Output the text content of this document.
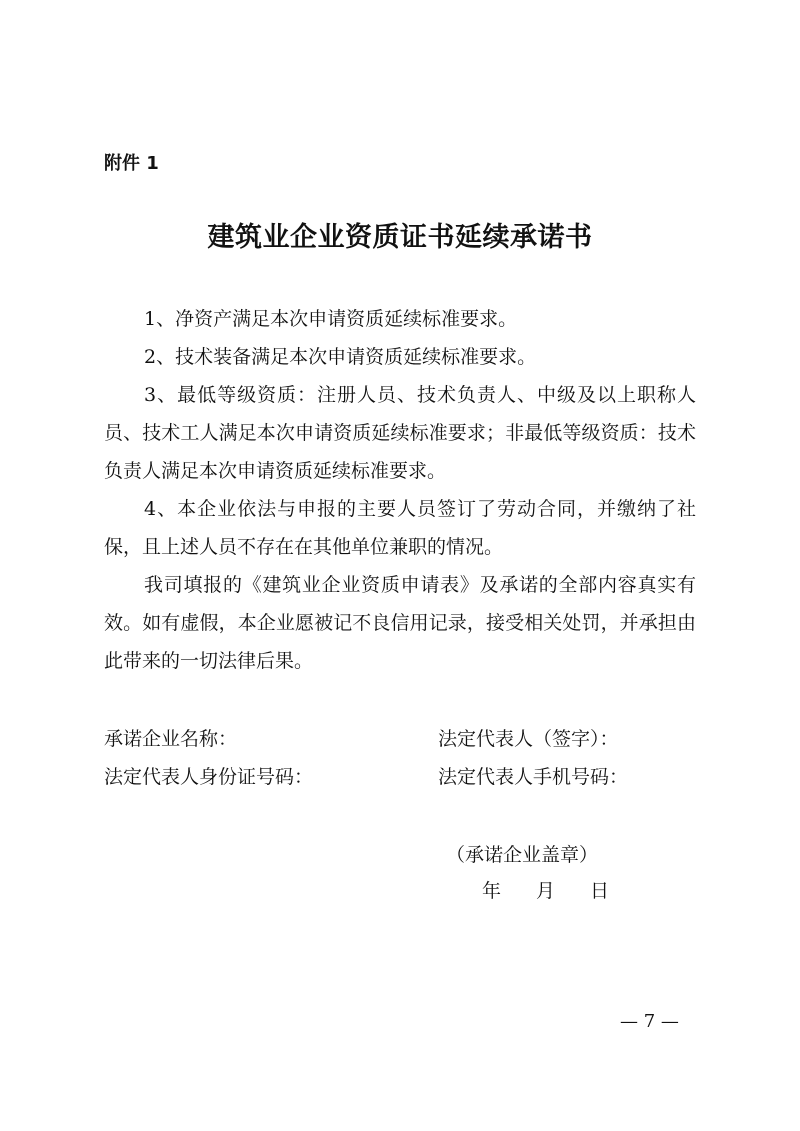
附件 1
建筑业企业资质证书延续承诺书

1、净资产满足本次申请资质延续标准要求。

2、技术装备满足本次申请资质延续标准要求。

3、最低等级资质：注册人员、技术负责人、中级及以上职称人员、技术工人满足本次申请资质延续标准要求；非最低等级资质：技术负责人满足本次申请资质延续标准要求。

4、本企业依法与申报的主要人员签订了劳动合同，并缴纳了社保，且上述人员不存在在其他单位兼职的情况。

我司填报的《建筑业企业资质申请表》及承诺的全部内容真实有效。如有虚假，本企业愿被记不良信用记录，接受相关处罚，并承担由此带来的一切法律后果。

承诺企业名称：	法定代表人（签字）：
法定代表人身份证号码：	法定代表人手机号码：
（承诺企业盖章）
年 月 日
— 7 —
